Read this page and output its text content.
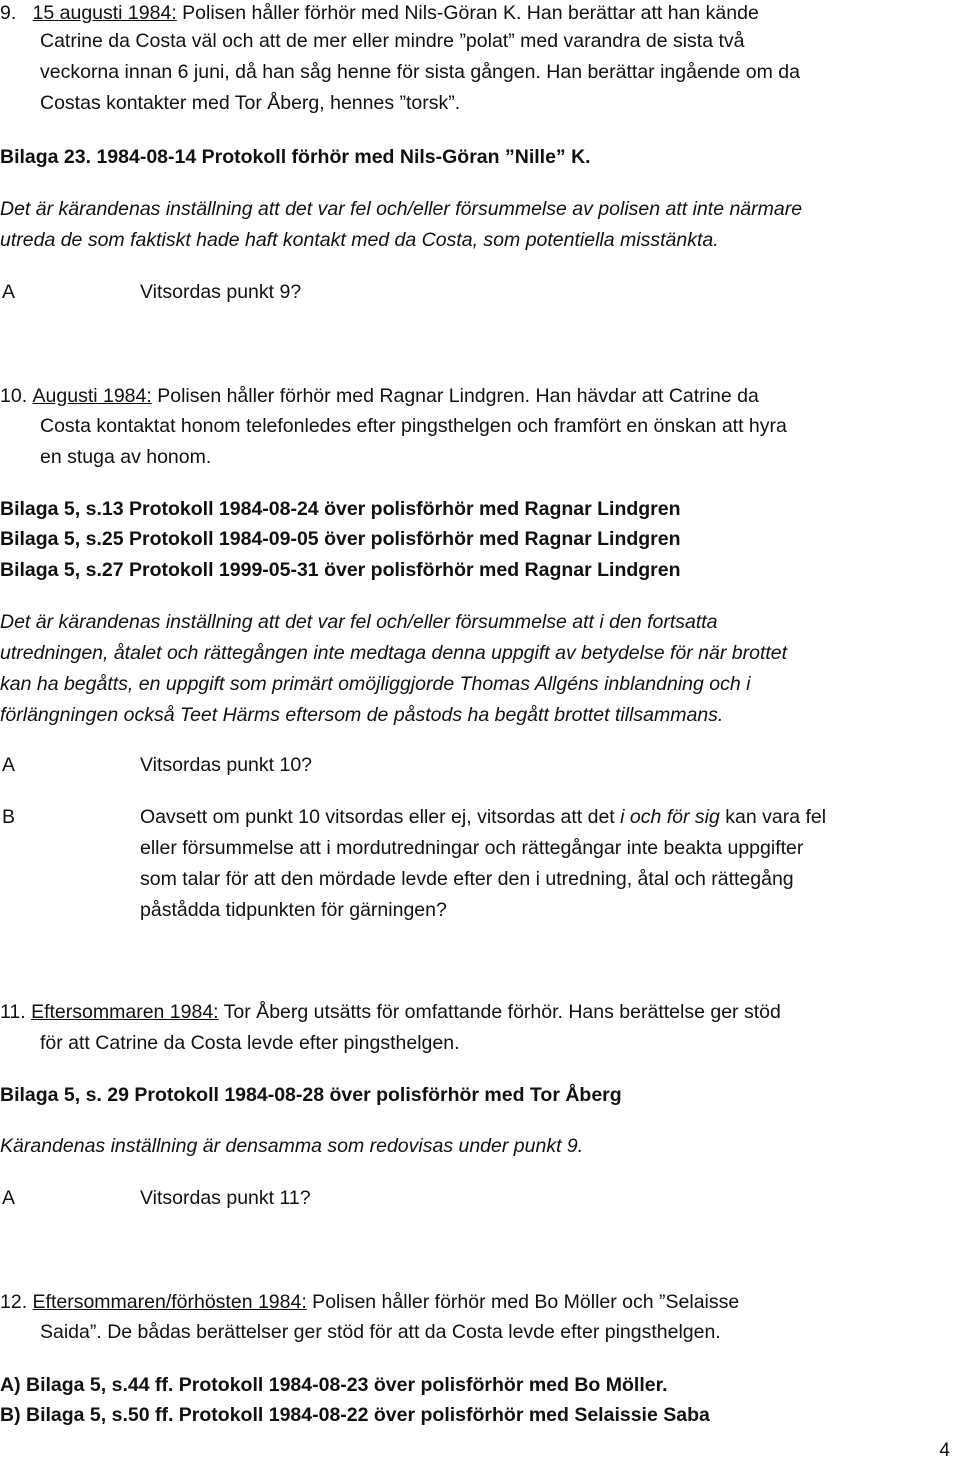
9. 15 augusti 1984: Polisen håller förhör med Nils-Göran K. Han berättar att han kände
Catrine da Costa väl och att de mer eller mindre ”polat” med varandra de sista två
veckorna innan 6 juni, då han såg henne för sista gången. Han berättar ingående om da
Costas kontakter med Tor Åberg, hennes ”torsk”.
Bilaga 23. 1984-08-14 Protokoll förhör med Nils-Göran ”Nille” K.
Det är kärandenas inställning att det var fel och/eller försummelse av polisen att inte närmare
utreda de som faktiskt hade haft kontakt med da Costa, som potentiella misstänkta.
A	Vitsordas punkt 9?
10. Augusti 1984: Polisen håller förhör med Ragnar Lindgren. Han hävdar att Catrine da
Costa kontaktat honom telefonledes efter pingsthelgen och framfört en önskan att hyra
en stuga av honom.
Bilaga 5, s.13 Protokoll 1984-08-24 över polisförhör med Ragnar Lindgren
Bilaga 5, s.25 Protokoll 1984-09-05 över polisförhör med Ragnar Lindgren
Bilaga 5, s.27 Protokoll 1999-05-31 över polisförhör med Ragnar Lindgren
Det är kärandenas inställning att det var fel och/eller försummelse att i den fortsatta
utredningen, åtalet och rättegången inte medtaga denna uppgift av betydelse för när brottet
kan ha begåtts, en uppgift som primärt omöjliggjorde Thomas Allgéns inblandning och i
förlängningen också Teet Härms eftersom de påstods ha begått brottet tillsammans.
A	Vitsordas punkt 10?
B	Oavsett om punkt 10 vitsordas eller ej, vitsordas att det i och för sig kan vara fel
eller försummelse att i mordutredningar och rättegångar inte beakta uppgifter
som talar för att den mördade levde efter den i utredning, åtal och rättegång
påstådda tidpunkten för gärningen?
11. Eftersommaren 1984: Tor Åberg utsätts för omfattande förhör. Hans berättelse ger stöd
för att Catrine da Costa levde efter pingsthelgen.
Bilaga 5, s. 29 Protokoll 1984-08-28 över polisförhör med Tor Åberg
Kärandenas inställning är densamma som redovisas under punkt 9.
A	Vitsordas punkt 11?
12. Eftersommaren/förhösten 1984: Polisen håller förhör med Bo Möller och ”Selaisse
Saida”. De bådas berättelser ger stöd för att da Costa levde efter pingsthelgen.
A) Bilaga 5, s.44 ff. Protokoll 1984-08-23 över polisförhör med Bo Möller.
B) Bilaga 5, s.50 ff. Protokoll 1984-08-22 över polisförhör med Selaissie Saba
4
